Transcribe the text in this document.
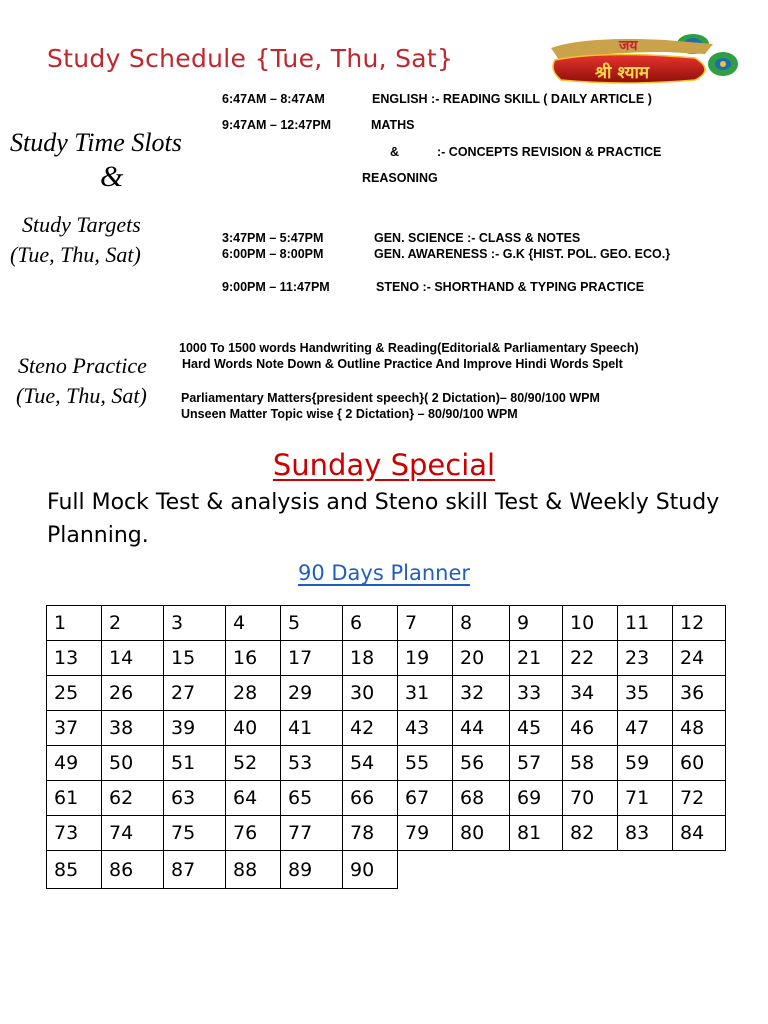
Study Schedule {Tue, Thu, Sat}	जय
श्री श्याम
Study Time Slots
&
Study Targets
(Tue, Thu, Sat)
Steno Practice
(Tue, Thu, Sat)
6:47AM – 8:47AM	ENGLISH :- READING SKILL ( DAILY ARTICLE )
9:47AM – 12:47PM	MATHS
&	:- CONCEPTS REVISION & PRACTICE
REASONING
3:47PM – 5:47PM	GEN. SCIENCE :- CLASS & NOTES
6:00PM – 8:00PM	GEN. AWARENESS :- G.K {HIST. POL. GEO. ECO.}
9:00PM – 11:47PM	STENO :- SHORTHAND & TYPING PRACTICE
1000 To 1500 words Handwriting & Reading(Editorial& Parliamentary Speech)
Hard Words Note Down & Outline Practice And Improve Hindi Words Spelt
Parliamentary Matters{president speech}( 2 Dictation)– 80/90/100 WPM
Unseen Matter Topic wise { 2 Dictation} – 80/90/100 WPM
Sunday Special
Full Mock Test & analysis and Steno skill Test & Weekly Study Planning.
90 Days Planner
1	2	3	4	5	6	7	8	9	10	11	12
13	14	15	16	17	18	19	20	21	22	23	24
25	26	27	28	29	30	31	32	33	34	35	36
37	38	39	40	41	42	43	44	45	46	47	48
49	50	51	52	53	54	55	56	57	58	59	60
61	62	63	64	65	66	67	68	69	70	71	72
73	74	75	76	77	78	79	80	81	82	83	84
85	86	87	88	89	90						
